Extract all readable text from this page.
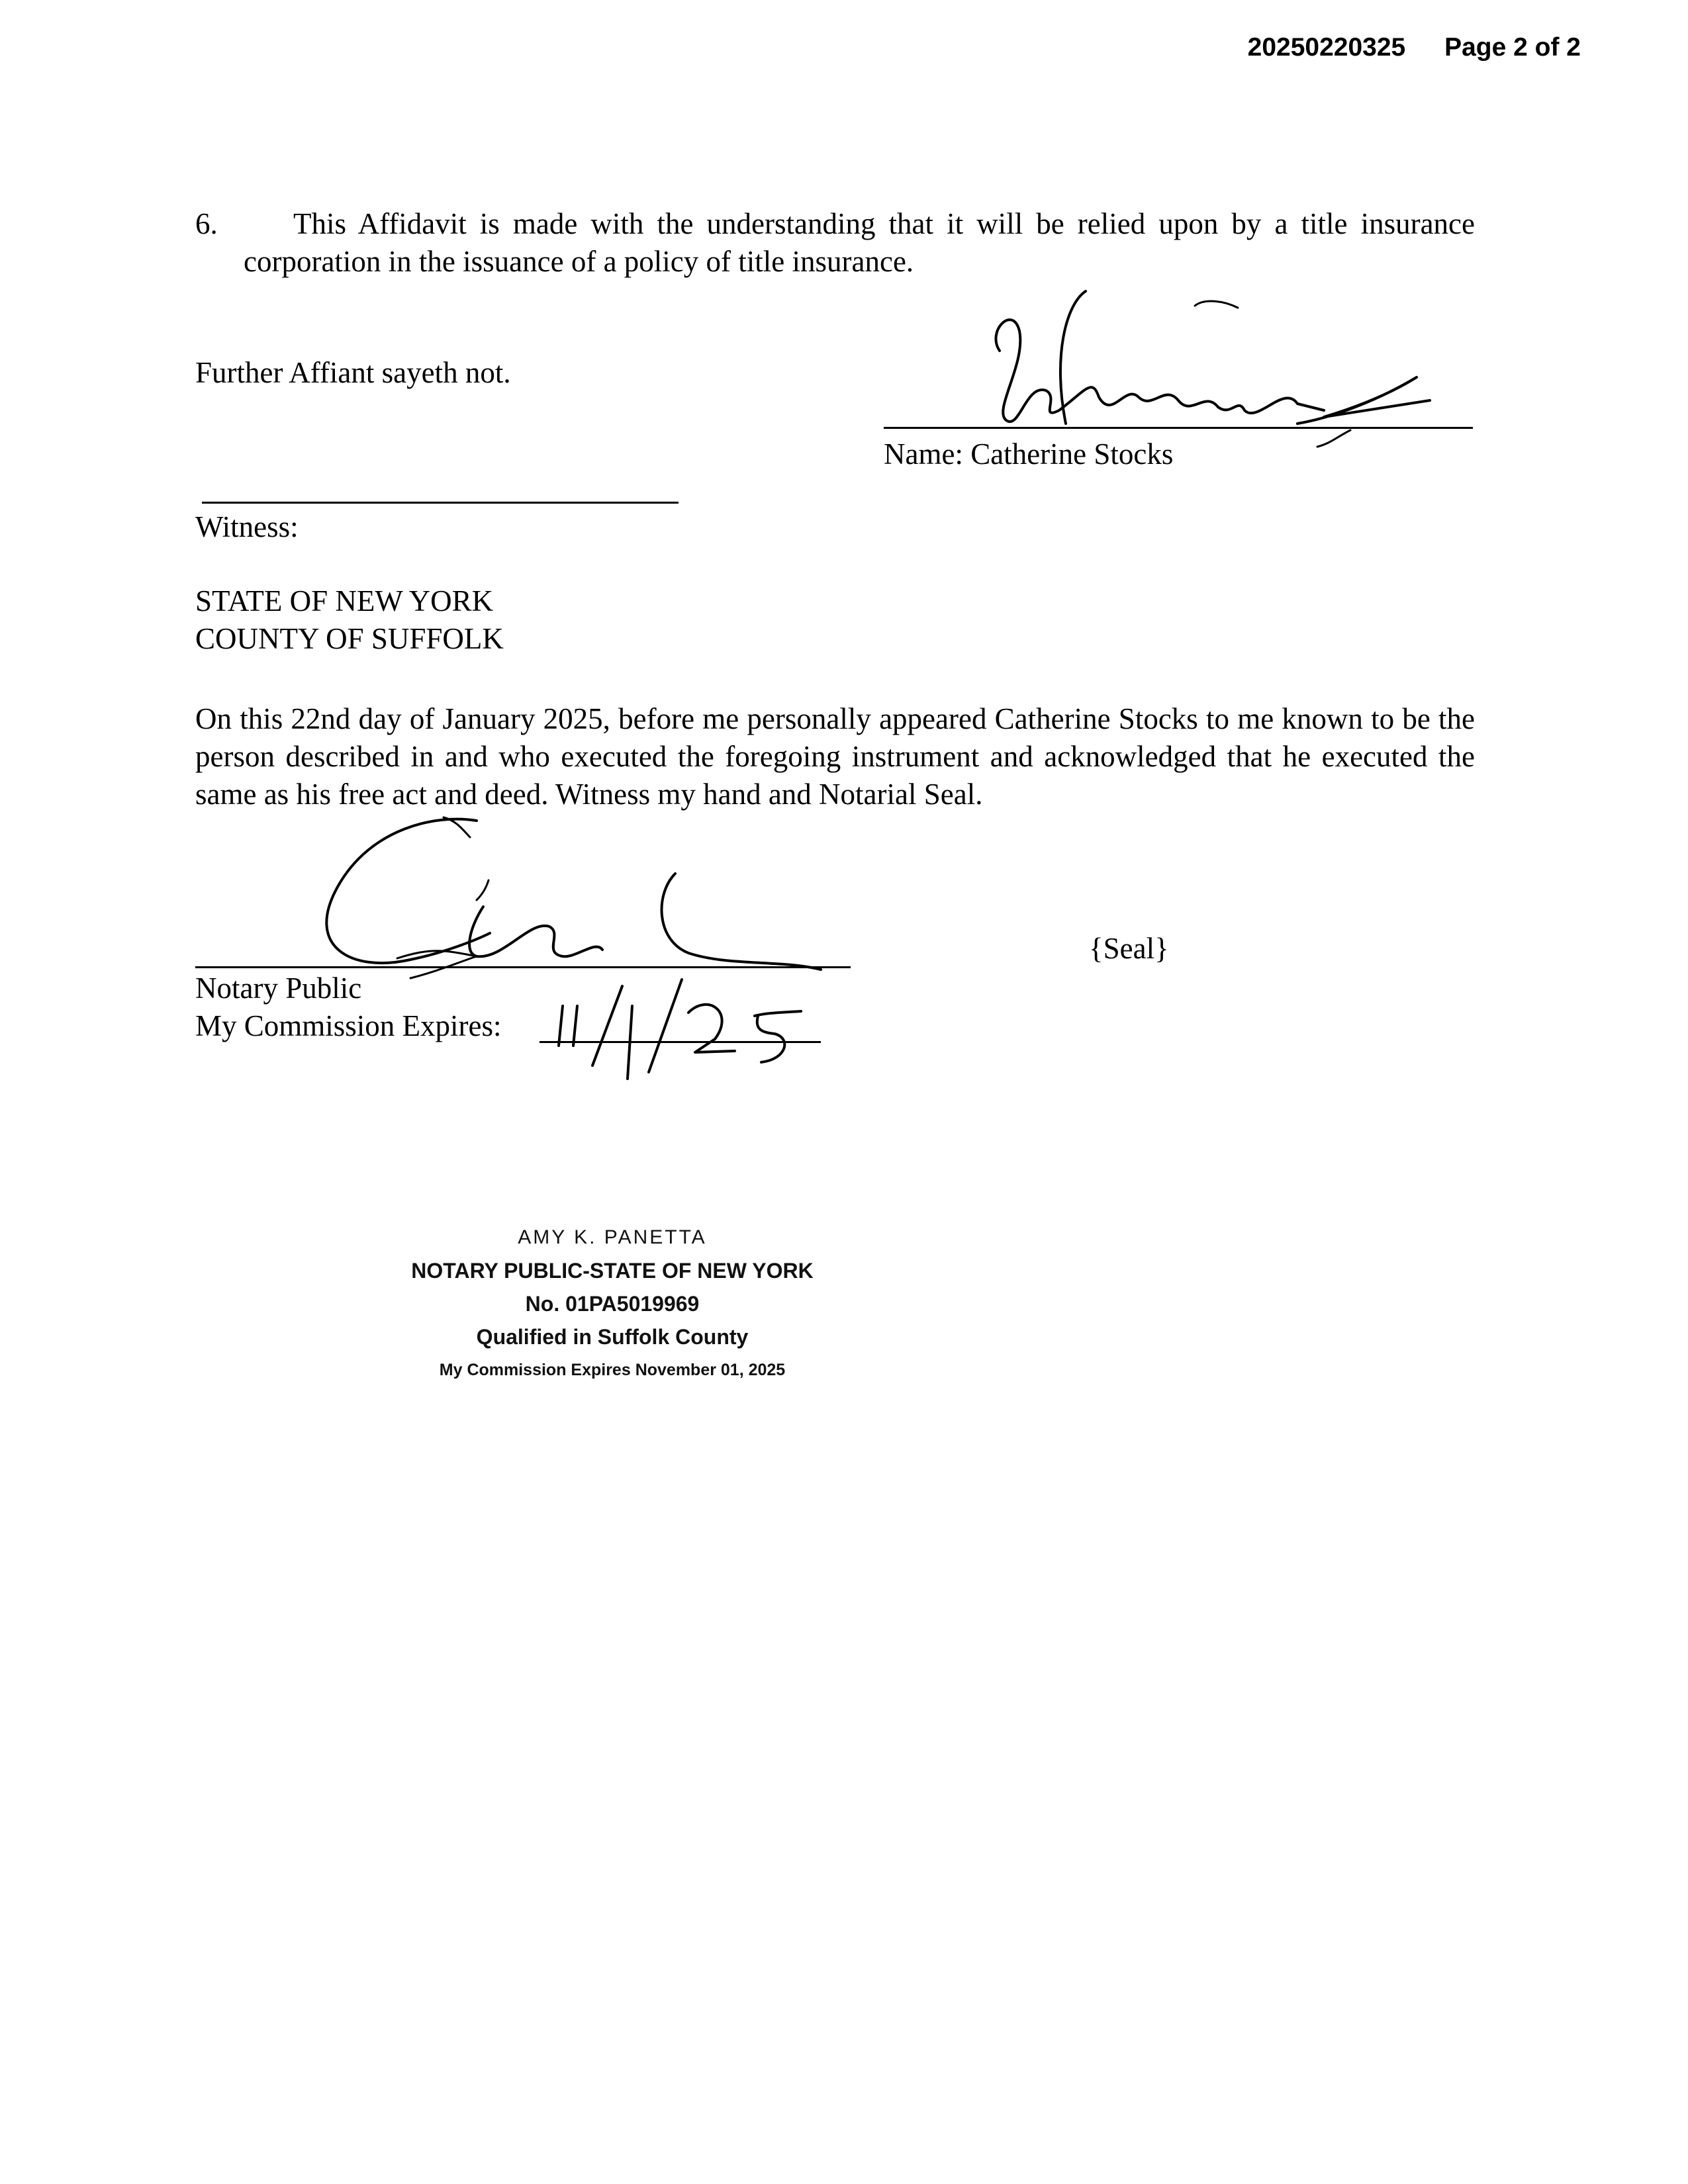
20250220325 Page 2 of 2
6.	This Affidavit is made with the understanding that it will be relied upon by a title insurance corporation in the issuance of a policy of title insurance.
Further Affiant sayeth not.
Name: Catherine Stocks
Witness:
STATE OF NEW YORK
COUNTY OF SUFFOLK
On this 22nd day of January 2025, before me personally appeared Catherine Stocks to me known to be the person described in and who executed the foregoing instrument and acknowledged that he executed the same as his free act and deed. Witness my hand and Notarial Seal.
Notary Public
My Commission Expires:
{Seal}
AMY K. PANETTA
NOTARY PUBLIC-STATE OF NEW YORK
No. 01PA5019969
Qualified in Suffolk County
My Commission Expires November 01, 2025
